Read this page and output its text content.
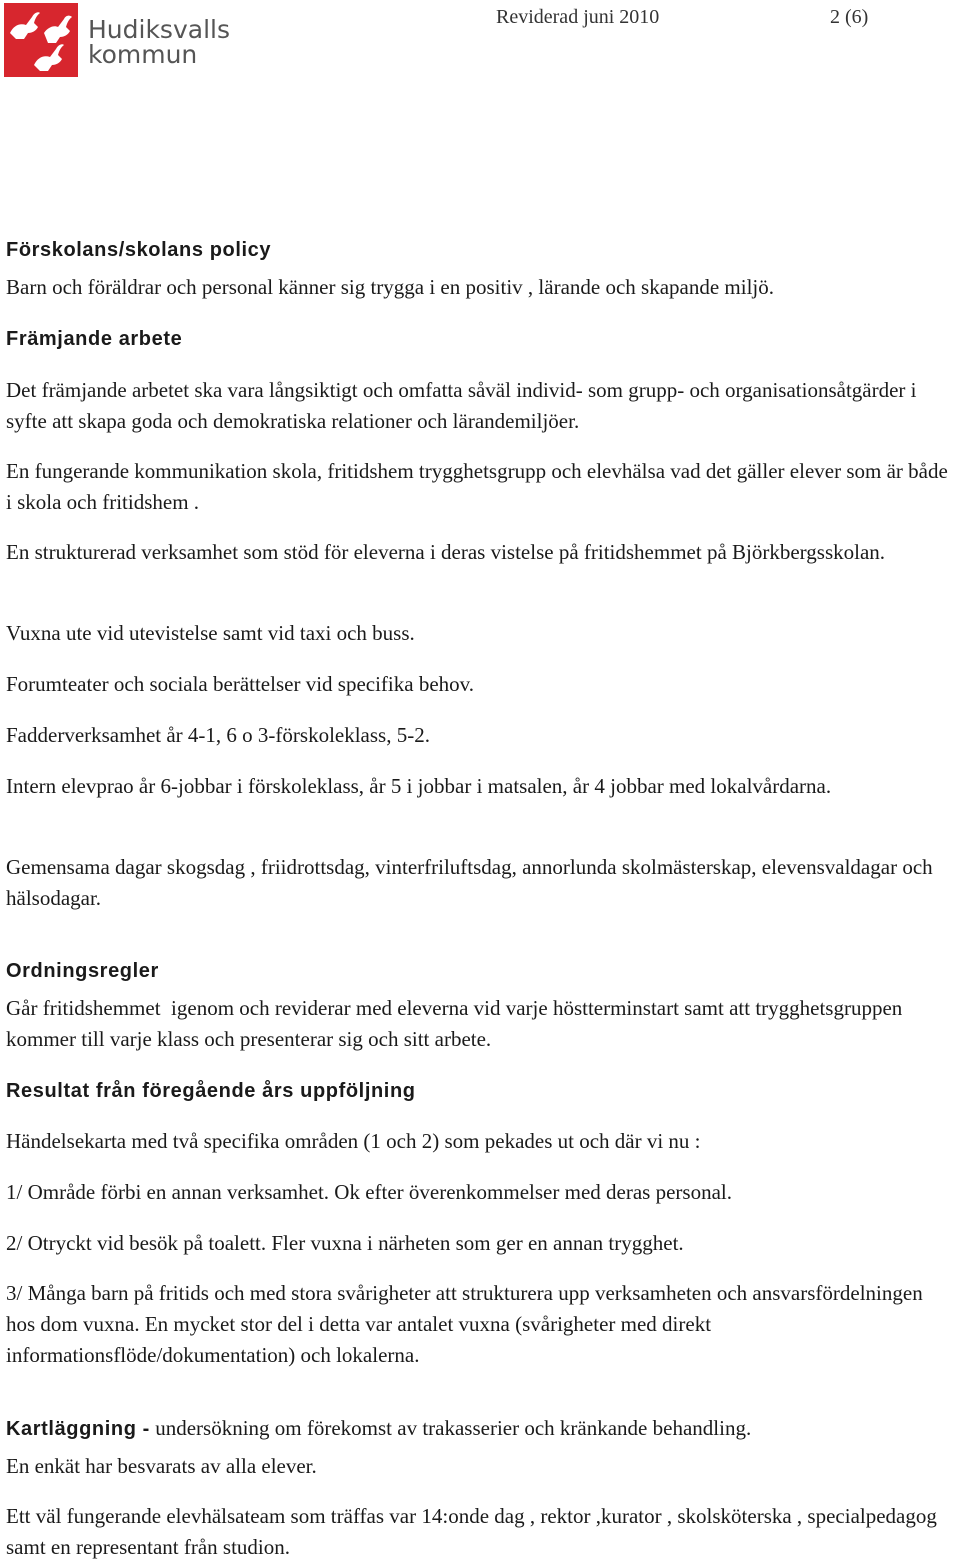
Hudiksvalls
kommun
Reviderad juni 2010	2 (6)
Förskolans/skolans policy
Barn och föräldrar och personal känner sig trygga i en positiv , lärande och skapande miljö.
Främjande arbete
Det främjande arbetet ska vara långsiktigt och omfatta såväl individ- som grupp- och organisationsåtgärder i syfte att skapa goda och demokratiska relationer och lärandemiljöer.
En fungerande kommunikation skola, fritidshem trygghetsgrupp och elevhälsa vad det gäller elever som är både i skola och fritidshem .
En strukturerad verksamhet som stöd för eleverna i deras vistelse på fritidshemmet på Björkbergsskolan.
Vuxna ute vid utevistelse samt vid taxi och buss.
Forumteater och sociala berättelser vid specifika behov.
Fadderverksamhet år 4-1, 6 o 3-förskoleklass, 5-2.
Intern elevprao år 6-jobbar i förskoleklass, år 5 i jobbar i matsalen, år 4 jobbar med lokalvårdarna.
Gemensama dagar skogsdag , friidrottsdag, vinterfriluftsdag, annorlunda skolmästerskap, elevensvaldagar och hälsodagar.
Ordningsregler
Går fritidshemmet  igenom och reviderar med eleverna vid varje höstterminstart samt att trygghetsgruppen kommer till varje klass och presenterar sig och sitt arbete.
Resultat från föregående års uppföljning
Händelsekarta med två specifika områden (1 och 2) som pekades ut och där vi nu :
1/ Område förbi en annan verksamhet. Ok efter överenkommelser med deras personal.
2/ Otryckt vid besök på toalett. Fler vuxna i närheten som ger en annan trygghet.
3/ Många barn på fritids och med stora svårigheter att strukturera upp verksamheten och ansvarsfördelningen hos dom vuxna. En mycket stor del i detta var antalet vuxna (svårigheter med direkt informationsflöde/dokumentation) och lokalerna.
Kartläggning - undersökning om förekomst av trakasserier och kränkande behandling.
En enkät har besvarats av alla elever.
Ett väl fungerande elevhälsateam som träffas var 14:onde dag , rektor ,kurator , skolsköterska , specialpedagog samt en representant från studion.
